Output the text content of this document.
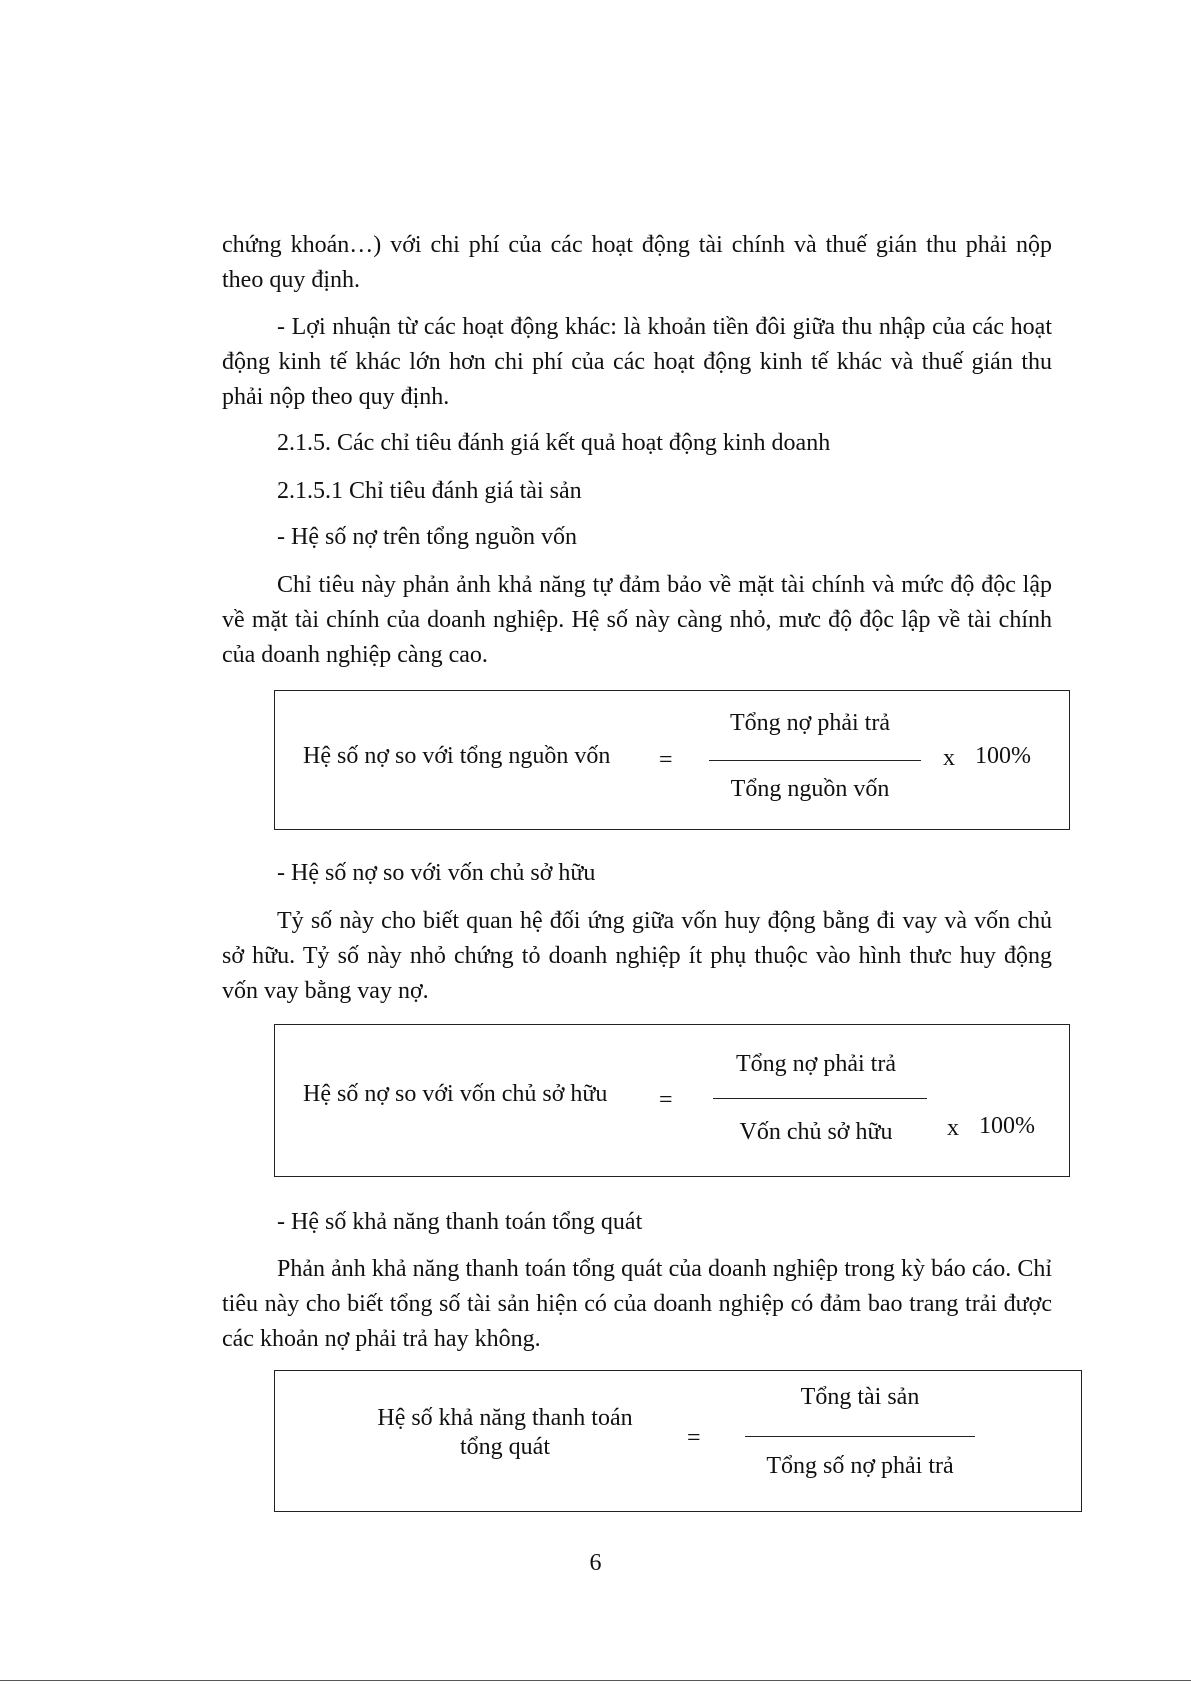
chứng khoán…) với chi phí của các hoạt động tài chính và thuế gián thu phải nộp theo quy định.

- Lợi nhuận từ các hoạt động khác: là khoản tiền đôi giữa thu nhập của các hoạt động kinh tế khác lớn hơn chi phí của các hoạt động kinh tế khác và thuế gián thu phải nộp theo quy định.

2.1.5. Các chỉ tiêu đánh giá kết quả hoạt động kinh doanh

2.1.5.1 Chỉ tiêu đánh giá tài sản

- Hệ số nợ trên tổng nguồn vốn

Chỉ tiêu này phản ảnh khả năng tự đảm bảo về mặt tài chính và mức độ độc lập về mặt tài chính của doanh nghiệp. Hệ số này càng nhỏ, mưc độ độc lập về tài chính của doanh nghiệp càng cao.

Hệ số nợ so với tổng nguồn vốn =
Tổng nợ phải trả
Tổng nguồn vốn
x 100%

- Hệ số nợ so với vốn chủ sở hữu

Tỷ số này cho biết quan hệ đối ứng giữa vốn huy động bằng đi vay và vốn chủ sở hữu. Tỷ số này nhỏ chứng tỏ doanh nghiệp ít phụ thuộc vào hình thưc huy động vốn vay bằng vay nợ.

Hệ số nợ so với vốn chủ sở hữu =
Tổng nợ phải trả
Vốn chủ sở hữu	x 100%

- Hệ số khả năng thanh toán tổng quát

Phản ảnh khả năng thanh toán tổng quát của doanh nghiệp trong kỳ báo cáo. Chỉ tiêu này cho biết tổng số tài sản hiện có của doanh nghiệp có đảm bao trang trải được các khoản nợ phải trả hay không.

Hệ số khả năng thanh toán
tổng quát	=
Tổng tài sản
Tổng số nợ phải trả
6
